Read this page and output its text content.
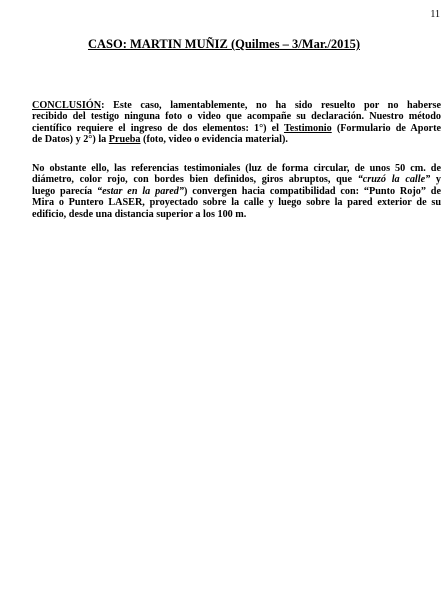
11
CASO: MARTIN MUÑIZ (Quilmes – 3/Mar./2015)
CONCLUSIÓN: Este caso, lamentablemente, no ha sido resuelto por no haberse
recibido del testigo ninguna foto o video que acompañe su declaración. Nuestro método
científico requiere el ingreso de dos elementos: 1°) el Testimonio (Formulario de Aporte
de Datos) y 2°) la Prueba (foto, video o evidencia material).
No obstante ello, las referencias testimoniales (luz de forma circular, de unos 50 cm. de
diámetro, color rojo, con bordes bien definidos, giros abruptos, que “cruzó la calle” y
luego parecía “estar en la pared”) convergen hacia compatibilidad con: “Punto Rojo” de
Mira o Puntero LASER, proyectado sobre la calle y luego sobre la pared exterior de su
edificio, desde una distancia superior a los 100 m.
